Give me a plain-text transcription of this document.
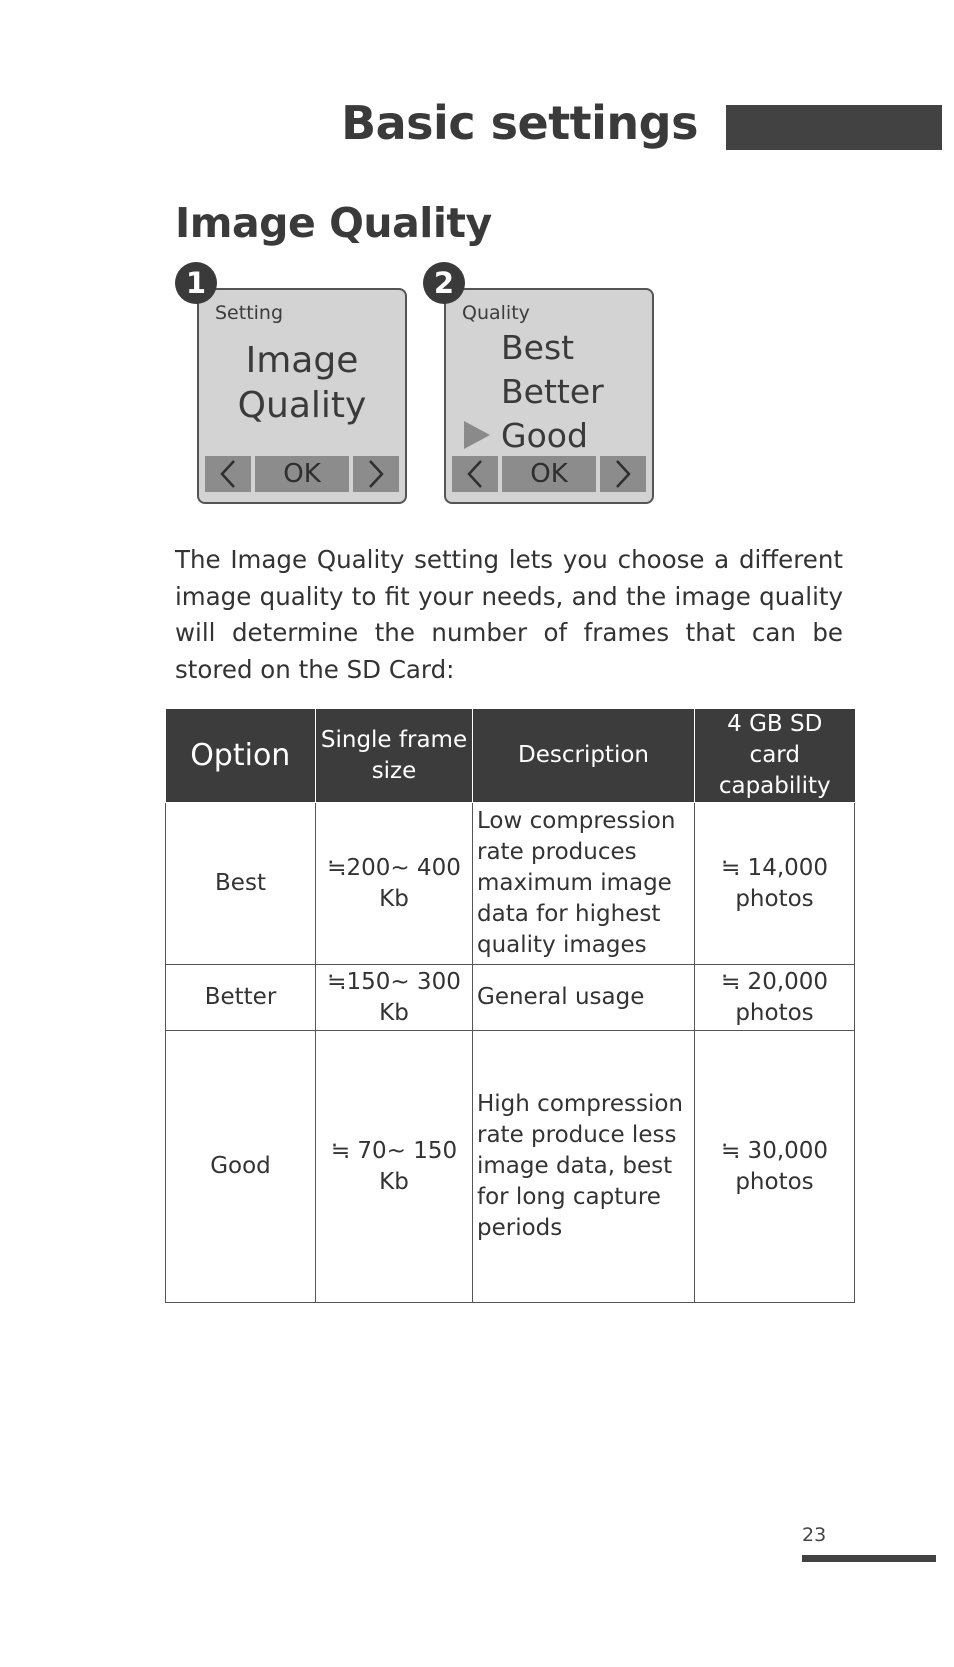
Basic settings
Image Quality
Setting
Image
Quality
OK
1
Quality
Best
Better
Good
OK
2

The Image Quality setting lets you choose a different image quality to fit your needs, and the image quality will determine the number of frames that can be stored on the SD Card:

Option	Single frame size	Description	4 GB SD card capability
Best	≒200~ 400 Kb	Low compression rate produces maximum image data for highest quality images	≒ 14,000 photos
Better	≒150~ 300 Kb	General usage	≒ 20,000 photos
Good	≒ 70~ 150 Kb	High compression rate produce less image data, best for long capture periods	≒ 30,000 photos
23
